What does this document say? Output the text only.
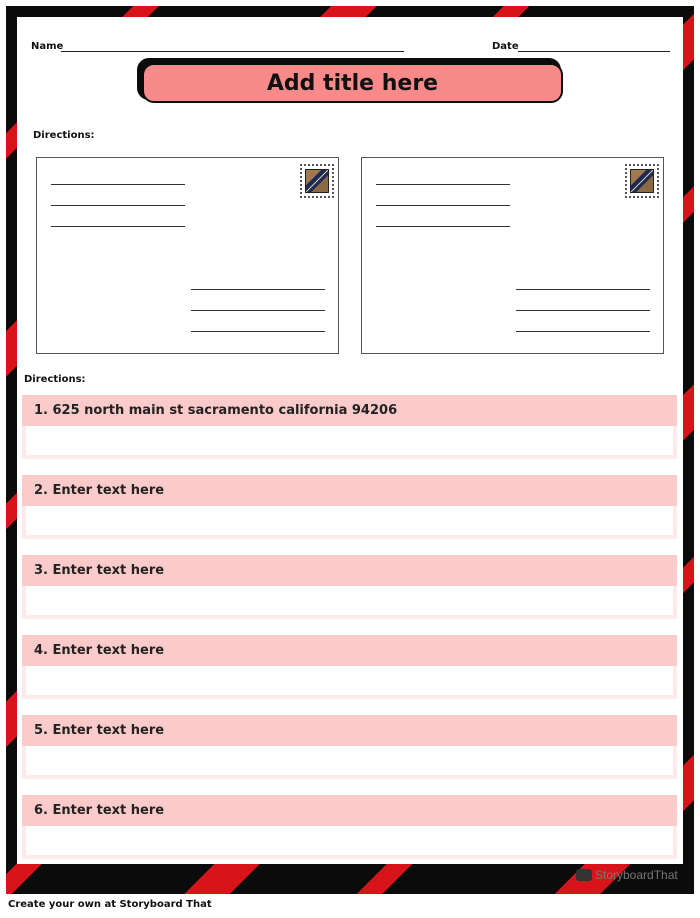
Name	Date
Add title here
Directions:
Directions:
1. 625 north main st sacramento california 94206
2. Enter text here
3. Enter text here
4. Enter text here
5. Enter text here
6. Enter text here
StoryboardThat
Create your own at Storyboard That
